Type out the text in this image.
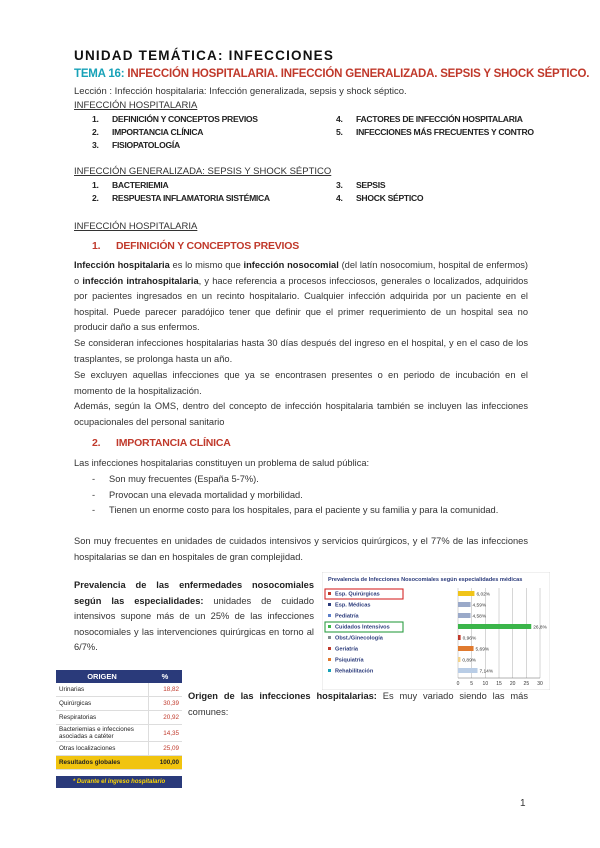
UNIDAD TEMÁTICA: INFECCIONES
TEMA 16: INFECCIÓN HOSPITALARIA. INFECCIÓN GENERALIZADA. SEPSIS Y SHOCK SÉPTICO.
Lección : Infección hospitalaria: Infección generalizada, sepsis y shock séptico.
INFECCIÓN HOSPITALARIA
1. DEFINICIÓN Y CONCEPTOS PREVIOS
2. IMPORTANCIA CLÍNICA
3. FISIOPATOLOGÍA
4. FACTORES DE INFECCIÓN HOSPITALARIA
5. INFECCIONES MÁS FRECUENTES Y CONTRO
INFECCIÓN GENERALIZADA: SEPSIS Y SHOCK SÉPTICO
1. BACTERIEMIA
2. RESPUESTA INFLAMATORIA SISTÉMICA
3. SEPSIS
4. SHOCK SÉPTICO
INFECCIÓN HOSPITALARIA
1. DEFINICIÓN Y CONCEPTOS PREVIOS
Infección hospitalaria es lo mismo que infección nosocomial (del latín nosocomium, hospital de enfermos) o infección intrahospitalaria, y hace referencia a procesos infecciosos, generales o localizados, adquiridos por pacientes ingresados en un recinto hospitalario. Cualquier infección adquirida por un paciente en el hospital. Puede parecer paradójico tener que definir que el primer requerimiento de un hospital sea no producir daño a sus enfermos.
Se consideran infecciones hospitalarias hasta 30 días después del ingreso en el hospital, y en el caso de los trasplantes, se prolonga hasta un año.
Se excluyen aquellas infecciones que ya se encontrasen presentes o en periodo de incubación en el momento de la hospitalización.
Además, según la OMS, dentro del concepto de infección hospitalaria también se incluyen las infecciones ocupacionales del personal sanitario
2. IMPORTANCIA CLÍNICA
Las infecciones hospitalarias constituyen un problema de salud pública:
- Son muy frecuentes (España 5-7%).
- Provocan una elevada mortalidad y morbilidad.
- Tienen un enorme costo para los hospitales, para el paciente y su familia y para la comunidad.
Son muy frecuentes en unidades de cuidados intensivos y servicios quirúrgicos, y el 77% de las infecciones hospitalarias se dan en hospitales de gran complejidad.
Prevalencia de las enfermedades nosocomiales según las especialidades: unidades de cuidado intensivos supone más de un 25% de las infecciones nosocomiales y las intervenciones quirúrgicas en torno al 6/7%.
Prevalencia de Infecciones Nosocomiales según especialidades médicas
Esp. Quirúrgicas	6,02%
Esp. Médicas	4,59%
Pediatría	4,58%
Cuidados Intensivos	26,8%
Obst./Ginecología	0,96%
Geriatría	5,69%
Psiquiatría	0,89%
Rehabilitación	7,14%
0 5 10 15 20 25 30
ORIGEN	%
Urinarias	18,82
Quirúrgicas	30,39
Respiratorias	20,92
Bacteriemias e infecciones asociadas a catéter	14,35
Otras localizaciones	25,09
Resultados globales	100,00
* Durante el ingreso hospitalario
Origen de las infecciones hospitalarias: Es muy variado siendo las más comunes:
1
